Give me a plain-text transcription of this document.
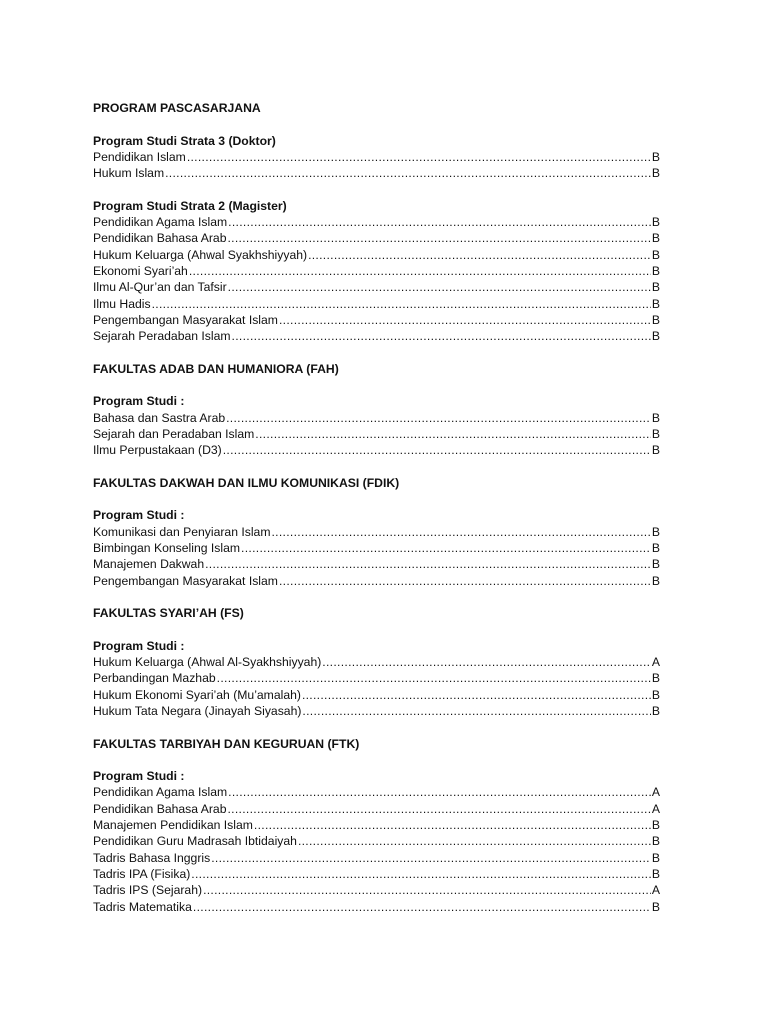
PROGRAM PASCASARJANA
Program Studi Strata 3 (Doktor)
Pendidikan Islam .....	B
Hukum Islam .....	B
Program Studi Strata 2 (Magister)
Pendidikan Agama Islam .....	B
Pendidikan Bahasa Arab .....	B
Hukum Keluarga (Ahwal Syakhshiyyah) .....	B
Ekonomi Syari’ah .....	B
Ilmu Al-Qur’an dan Tafsir .....	B
Ilmu Hadis .....	B
Pengembangan Masyarakat Islam .....	B
Sejarah Peradaban Islam .....	B
FAKULTAS ADAB DAN HUMANIORA (FAH)
Program Studi :
Bahasa dan Sastra Arab .....	B
Sejarah dan Peradaban Islam .....	B
Ilmu Perpustakaan (D3) .....	B
FAKULTAS DAKWAH DAN ILMU KOMUNIKASI (FDIK)
Program Studi :
Komunikasi dan Penyiaran Islam .....	B
Bimbingan Konseling Islam .....	B
Manajemen Dakwah .....	B
Pengembangan Masyarakat Islam .....	B
FAKULTAS SYARI’AH (FS)
Program Studi :
Hukum Keluarga (Ahwal Al-Syakhshiyyah) .....	A
Perbandingan Mazhab .....	B
Hukum Ekonomi Syari’ah (Mu’amalah) .....	B
Hukum Tata Negara (Jinayah Siyasah) .....	B
FAKULTAS TARBIYAH DAN KEGURUAN (FTK)
Program Studi :
Pendidikan Agama Islam .....	A
Pendidikan Bahasa Arab .....	A
Manajemen Pendidikan Islam .....	B
Pendidikan Guru Madrasah Ibtidaiyah .....	B
Tadris Bahasa Inggris .....	B
Tadris IPA (Fisika) .....	B
Tadris IPS (Sejarah) .....	A
Tadris Matematika .....	B
